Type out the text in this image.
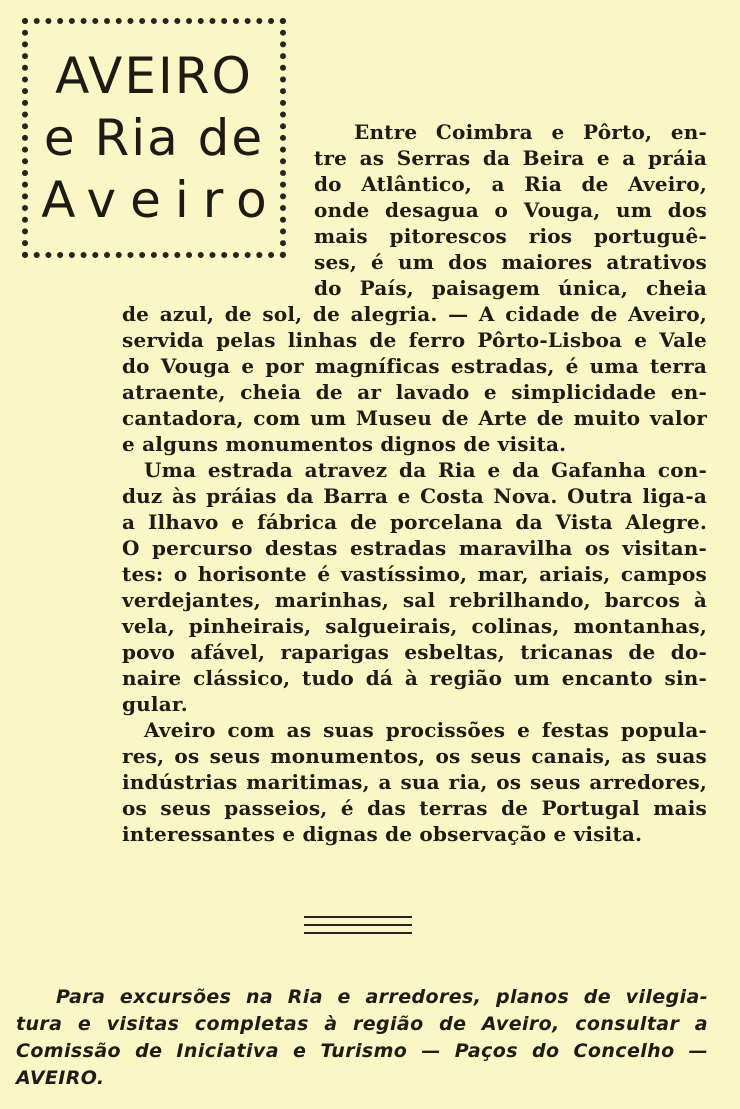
AVEIRO
e Ria de
Aveiro
Entre Coimbra e Pôrto, en-
tre as Serras da Beira e a práia
do Atlântico, a Ria de Aveiro,
onde desagua o Vouga, um dos
mais pitorescos rios portuguê-
ses, é um dos maiores atrativos
do País, paisagem única, cheia
de azul, de sol, de alegria. — A cidade de Aveiro,
servida pelas linhas de ferro Pôrto-Lisboa e Vale
do Vouga e por magníficas estradas, é uma terra
atraente, cheia de ar lavado e simplicidade en-
cantadora, com um Museu de Arte de muito valor
e alguns monumentos dignos de visita.
Uma estrada atravez da Ria e da Gafanha con-
duz às práias da Barra e Costa Nova. Outra liga-a
a Ilhavo e fábrica de porcelana da Vista Alegre.
O percurso destas estradas maravilha os visitan-
tes: o horisonte é vastíssimo, mar, ariais, campos
verdejantes, marinhas, sal rebrilhando, barcos à
vela, pinheirais, salgueirais, colinas, montanhas,
povo afável, raparigas esbeltas, tricanas de do-
naire clássico, tudo dá à região um encanto sin-
gular.
Aveiro com as suas procissões e festas popula-
res, os seus monumentos, os seus canais, as suas
indústrias maritimas, a sua ria, os seus arredores,
os seus passeios, é das terras de Portugal mais
interessantes e dignas de observação e visita.
Para excursões na Ria e arredores, planos de vilegia-
tura e visitas completas à região de Aveiro, consultar a
Comissão de Iniciativa e Turismo — Paços do Concelho —
AVEIRO.
